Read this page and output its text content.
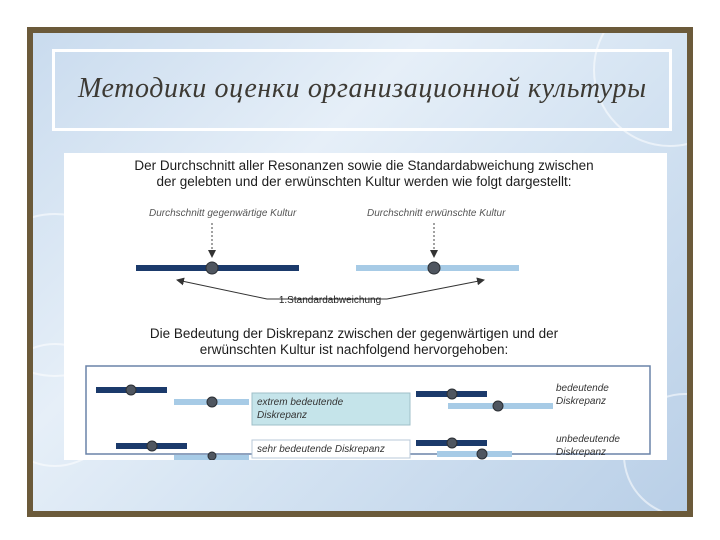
Методики оценки организационной культуры
Der Durchschnitt aller Resonanzen sowie die Standardabweichung zwischen
der gelebten und der erwünschten Kultur werden wie folgt dargestellt:
Durchschnitt gegenwärtige Kultur	Durchschnitt erwünschte Kultur
1.Standardabweichung
Die Bedeutung der Diskrepanz zwischen der gegenwärtigen und der
erwünschten Kultur ist nachfolgend hervorgehoben:
extrem bedeutende
Diskrepanz
sehr bedeutende Diskrepanz
bedeutende
Diskrepanz
unbedeutende
Diskrepanz
